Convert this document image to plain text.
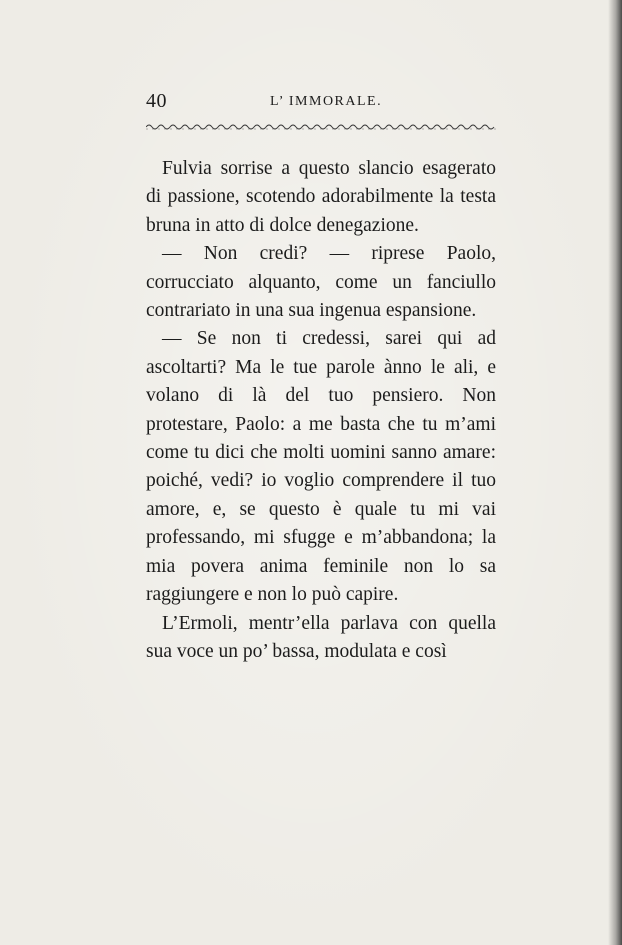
40	L’ IMMORALE.

Fulvia sorrise a questo slancio esagerato di passione, scotendo adorabilmente la testa bruna in atto di dolce denegazione.

— Non credi? — riprese Paolo, corrucciato alquanto, come un fanciullo contrariato in una sua ingenua espansione.

— Se non ti credessi, sarei qui ad ascoltarti? Ma le tue parole ànno le ali, e volano di là del tuo pensiero. Non protestare, Paolo: a me basta che tu m’ami come tu dici che molti uomini sanno amare: poiché, vedi? io voglio comprendere il tuo amore, e, se questo è quale tu mi vai professando, mi sfugge e m’abbandona; la mia povera anima feminile non lo sa raggiungere e non lo può capire.

L’Ermoli, mentr’ella parlava con quella sua voce un po’ bassa, modulata e così
